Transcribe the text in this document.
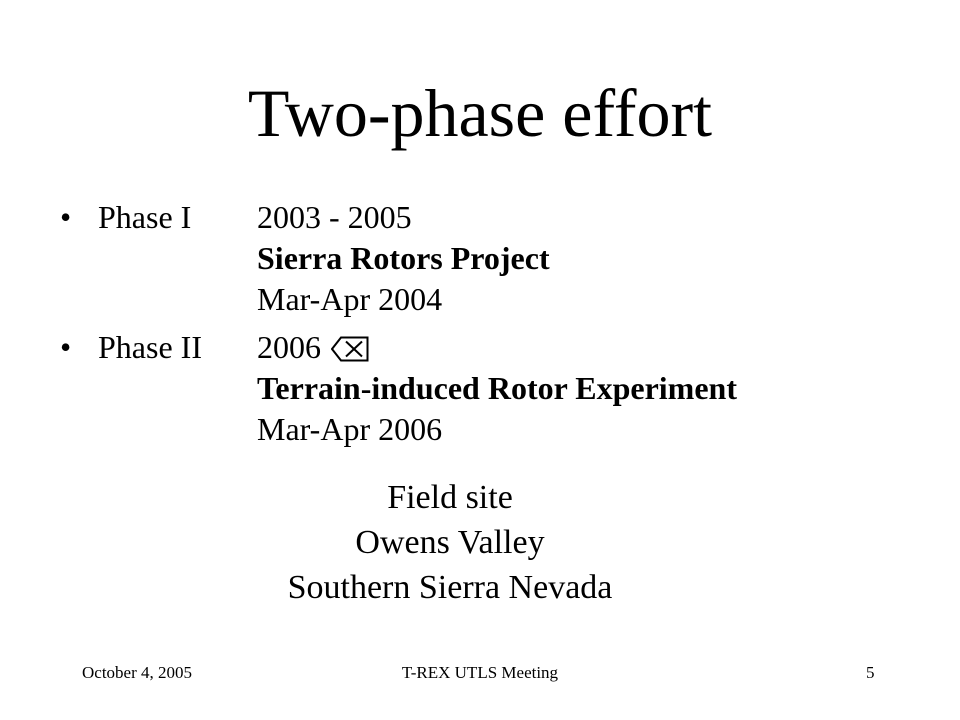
Two-phase effort
• Phase I 2003 - 2005
Sierra Rotors Project
Mar-Apr 2004
• Phase II 2006
Terrain-induced Rotor Experiment
Mar-Apr 2006
Field site
Owens Valley
Southern Sierra Nevada
October 4, 2005	T-REX UTLS Meeting	5
